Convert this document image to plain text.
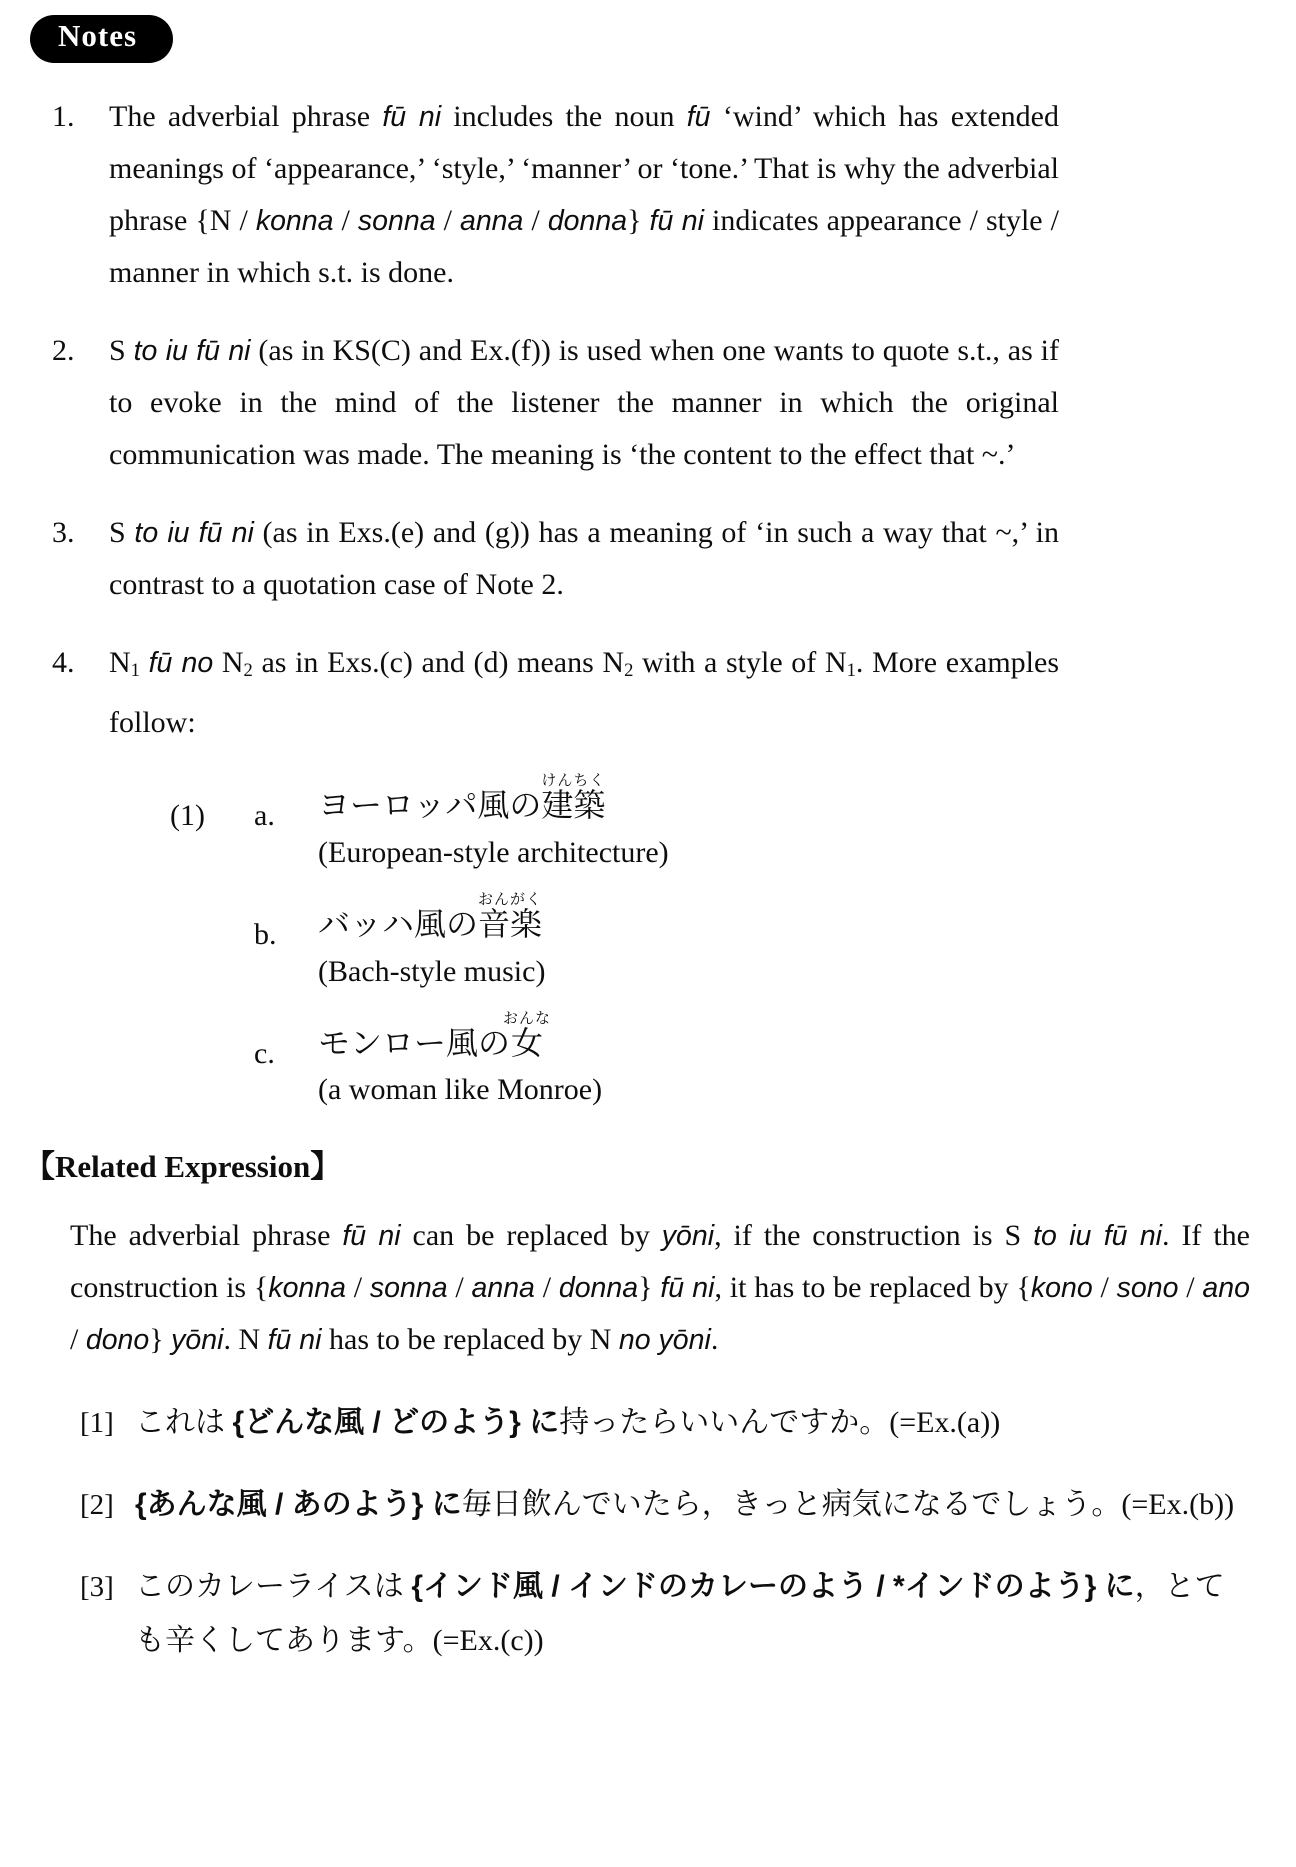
Notes
1.	The adverbial phrase fū ni includes the noun fū ‘wind’ which has extended meanings of ‘appearance,’ ‘style,’ ‘manner’ or ‘tone.’ That is why the adverbial phrase {N / konna / sonna / anna / donna} fū ni indicates appearance / style / manner in which s.t. is done.
2.	S to iu fū ni (as in KS(C) and Ex.(f)) is used when one wants to quote s.t., as if to evoke in the mind of the listener the manner in which the original communication was made. The meaning is ‘the content to the effect that ~.’
3.	S to iu fū ni (as in Exs.(e) and (g)) has a meaning of ‘in such a way that ~,’ in contrast to a quotation case of Note 2.
4.	N1 fū no N2 as in Exs.(c) and (d) means N2 with a style of N1. More examples follow:
(1)	a.	ヨーロッパ風の建築けんちく
(European-style architecture)
b.	バッハ風の音楽おんがく
(Bach-style music)
c.	モンロー風の女おんな
(a woman like Monroe)
【Related Expression】
The adverbial phrase fū ni can be replaced by yōni, if the construction is S to iu fū ni. If the construction is {konna / sonna / anna / donna} fū ni, it has to be replaced by {kono / sono / ano / dono} yōni. N fū ni has to be replaced by N no yōni.
[1] これは {どんな風 / どのよう} に持ったらいいんですか。(=Ex.(a))
[2] {あんな風 / あのよう} に毎日飲んでいたら，きっと病気になるでしょう。(=Ex.(b))
[3] このカレーライスは {インド風 / インドのカレーのよう / *インドのよう} に，とても辛くしてあります。(=Ex.(c))
